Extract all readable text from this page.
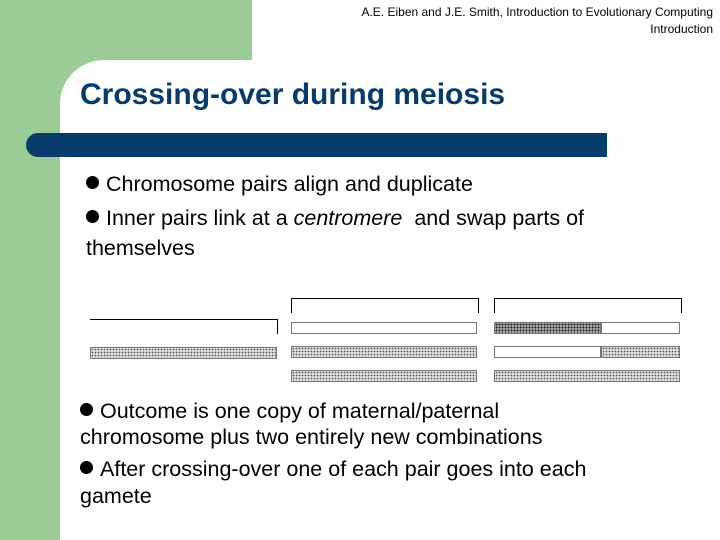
A.E. Eiben and J.E. Smith, Introduction to Evolutionary Computing
Introduction
Crossing-over during meiosis
Chromosome pairs align and duplicate
Inner pairs link at a centromere  and swap parts of
themselves
Outcome is one copy of maternal/paternal
chromosome plus two entirely new combinations
After crossing-over one of each pair goes into each
gamete
